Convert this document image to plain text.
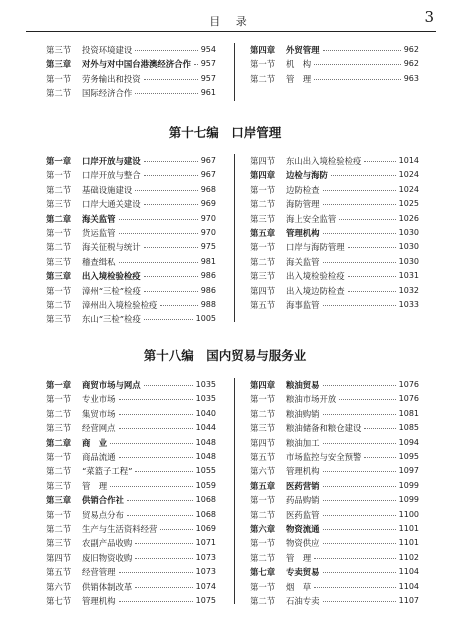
目 录	3
第三节 投资环境建设	954
第三章 对外与对中国台港澳经济合作 957
第一节 劳务输出和投资	957
第二节 国际经济合作	961
第四章 外贸管理	962
第一节 机　构	962
第二节 管　理	963
第十七编　口岸管理
第一章 口岸开放与建设	967
第一节 口岸开放与整合	967
第二节 基础设施建设	968
第三节 口岸大通关建设	969
第二章 海关监管	970
第一节 货运监管	970
第二节 海关征税与统计	975
第三节 稽查缉私	981
第三章 出入境检验检疫	986
第一节 漳州“三检”检疫	986
第二节 漳州出入境检验检疫	988
第三节 东山“三检”检疫	1005
第四节 东山出入境检验检疫	1014
第四章 边检与海防	1024
第一节 边防检查	1024
第二节 海防管理	1025
第三节 海上安全监管	1026
第五章 管理机构	1030
第一节 口岸与海防管理	1030
第二节 海关监管	1030
第三节 出入境检验检疫	1031
第四节 出入境边防检查	1032
第五节 海事监管	1033
第十八编　国内贸易与服务业
第一章 商贸市场与网点	1035
第一节 专业市场	1035
第二节 集贸市场	1040
第三节 经营网点	1044
第二章 商　业	1048
第一节 商品流通	1048
第二节 “菜篮子工程”	1055
第三节 管　理	1059
第三章 供销合作社	1068
第一节 贸易点分布	1068
第二节 生产与生活资料经营	1069
第三节 农副产品收购	1071
第四节 废旧物资收购	1073
第五节 经营管理	1073
第六节 供销体制改革	1074
第七节 管理机构	1075
第四章 粮油贸易	1076
第一节 粮油市场开放	1076
第二节 粮油购销	1081
第三节 粮油储备和粮仓建设	1085
第四节 粮油加工	1094
第五节 市场监控与安全预警	1095
第六节 管理机构	1097
第五章 医药营销	1099
第一节 药品购销	1099
第二节 医药监管	1100
第六章 物资流通	1101
第一节 物资供应	1101
第二节 管　理	1102
第七章 专卖贸易	1104
第一节 烟　草	1104
第二节 石油专卖	1107
